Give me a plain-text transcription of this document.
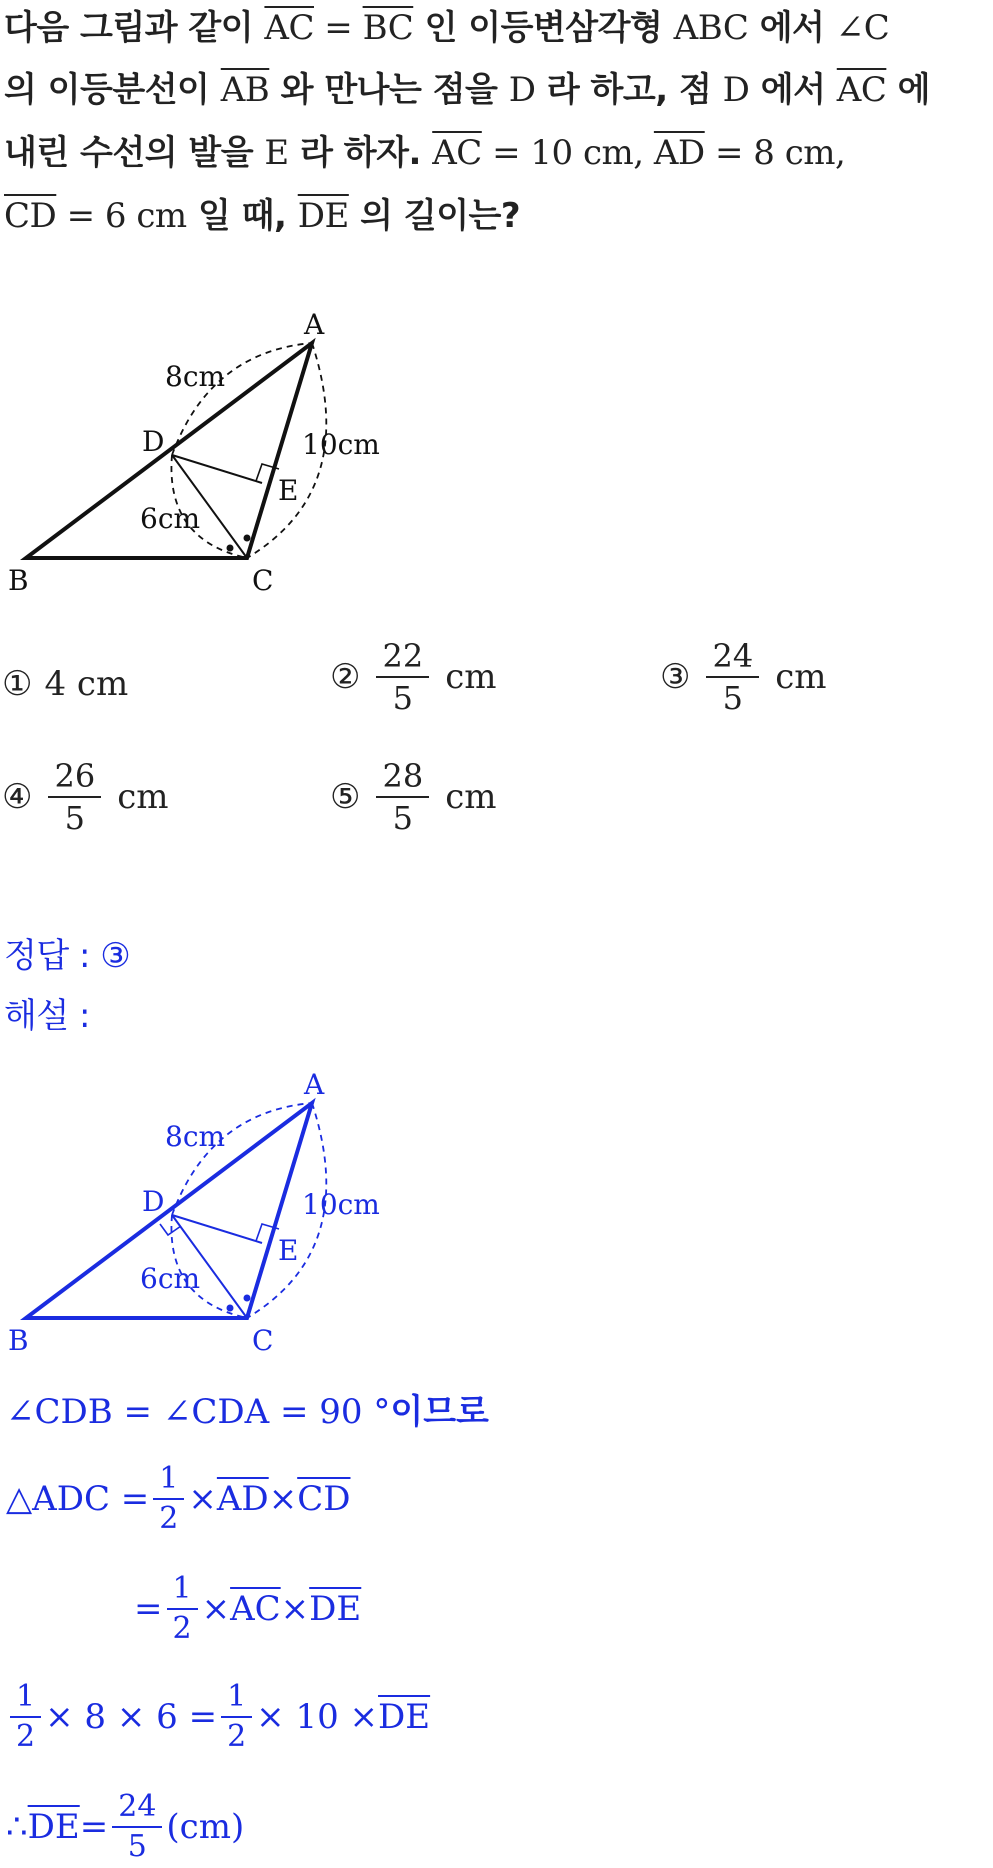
다음 그림과 같이 $\overline{AC} = \overline{BC}$ 인 이등변삼각형 ABC 에서 ∠C
의 이등분선이 $\overline{AB}$ 와 만나는 점을 D 라 하고, 점 D 에서 $\overline{AC}$ 에
내린 수선의 발을 E 라 하자. $\overline{AC} = 10$ cm, $\overline{AD} = 8$ cm,
$\overline{CD} = 6$ cm 일 때, $\overline{DE}$ 의 길이는?
A
B	C
D
E
8cm
10cm
6cm
① 4 cm	② $\frac{22}{5}$ cm	③ $\frac{24}{5}$ cm
④ $\frac{26}{5}$ cm	⑤ $\frac{28}{5}$ cm
정답 : ③
해설 :
A
B	C
D
E
8cm
10cm
6cm
∠CDB = ∠CDA = 90 ° 이므로
△ADC = $\frac{1}{2} \times \overline{AD} \times \overline{CD}$
= $\frac{1}{2} \times \overline{AC} \times \overline{DE}$
$\frac{1}{2} \times 8 \times 6 = \frac{1}{2} \times 10 \times \overline{DE}$
∴ $\overline{DE} = \frac{24}{5} (cm)$
